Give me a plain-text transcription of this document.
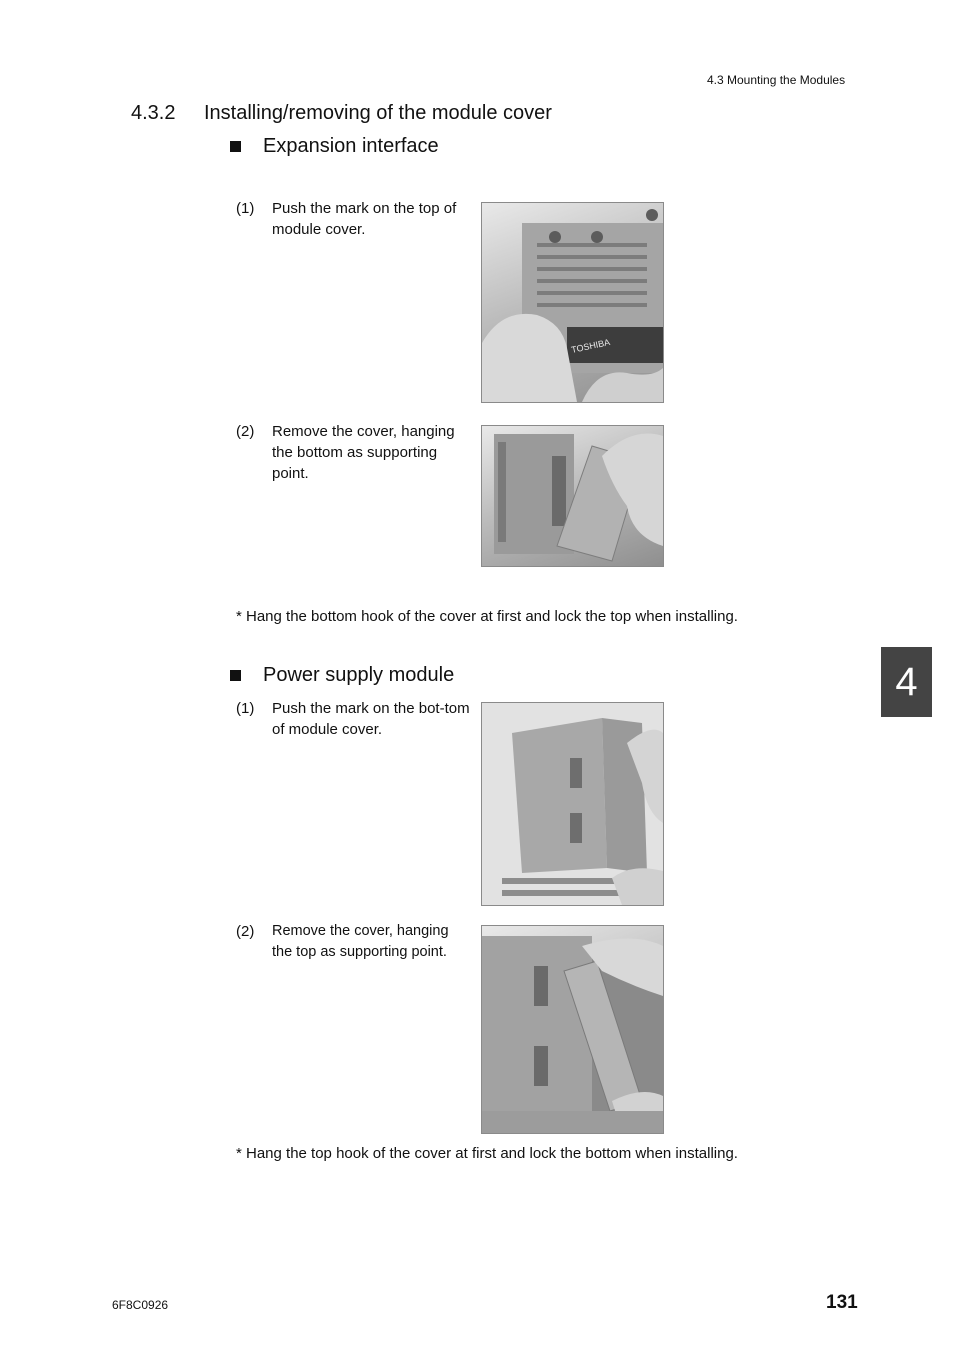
4.3 Mounting the Modules
4.3.2 Installing/removing of the module cover
Expansion interface
(1) Push the mark on the top of module cover.
TOSHIBA
(2) Remove the cover, hanging the bottom as supporting point.
* Hang the bottom hook of the cover at first and lock the top when installing.
Power supply module
(1) Push the mark on the bot-tom of module cover.
(2) Remove the cover, hanging the top as supporting point.
* Hang the top hook of the cover at first and lock the bottom when installing.
4
6F8C0926	131
